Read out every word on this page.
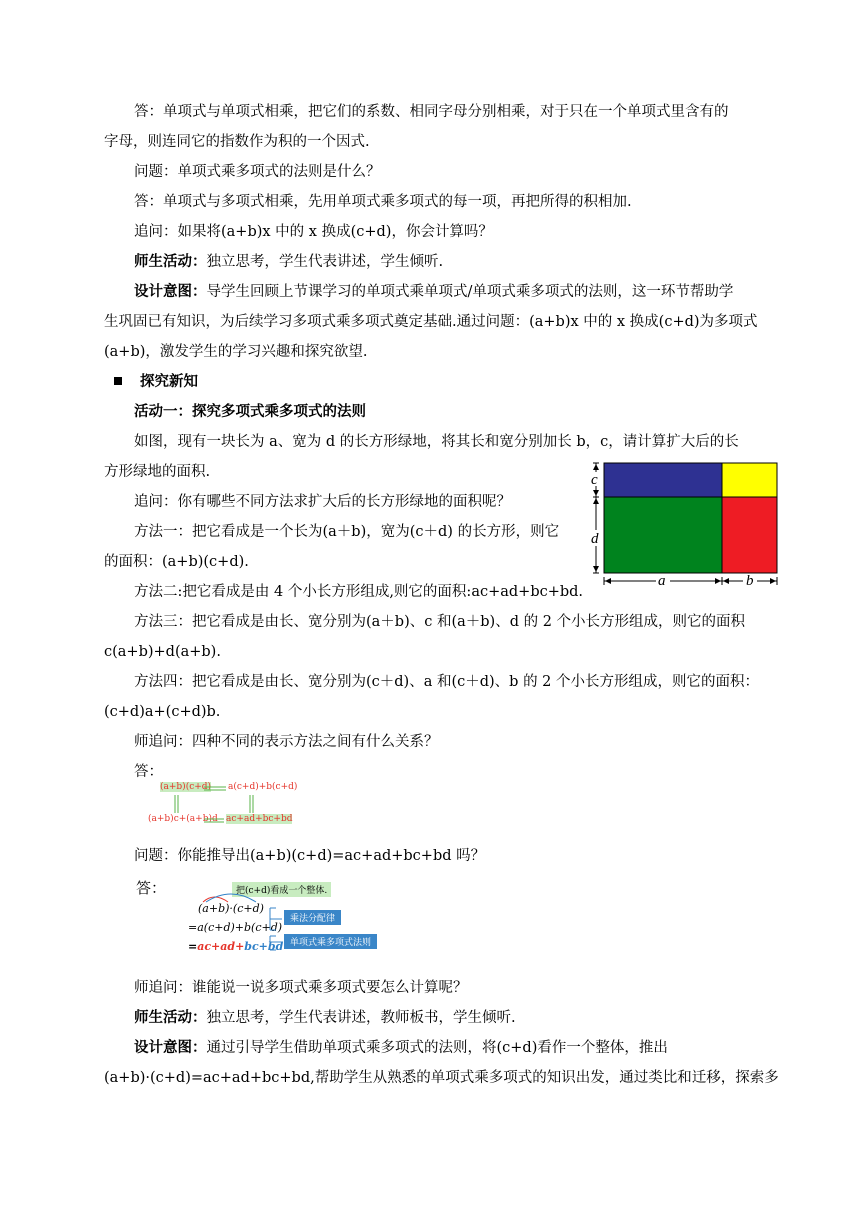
答：单项式与单项式相乘，把它们的系数、相同字母分别相乘，对于只在一个单项式里含有的
字母，则连同它的指数作为积的一个因式.
问题：单项式乘多项式的法则是什么？
答：单项式与多项式相乘，先用单项式乘多项式的每一项，再把所得的积相加.
追问：如果将(a+b)x 中的 x 换成(c+d)，你会计算吗？
师生活动：独立思考，学生代表讲述，学生倾听.
设计意图：导学生回顾上节课学习的单项式乘单项式/单项式乘多项式的法则，这一环节帮助学
生巩固已有知识，为后续学习多项式乘多项式奠定基础.通过问题：(a+b)x 中的 x 换成(c+d)为多项式
(a+b)，激发学生的学习兴趣和探究欲望.
探究新知
活动一：探究多项式乘多项式的法则
如图，现有一块长为 a、宽为 d 的长方形绿地，将其长和宽分别加长 b，c，请计算扩大后的长
方形绿地的面积.
追问：你有哪些不同方法求扩大后的长方形绿地的面积呢？
方法一：把它看成是一个长为(a＋b)，宽为(c＋d) 的长方形，则它
的面积：(a+b)(c+d).
方法二:把它看成是由 4 个小长方形组成,则它的面积:ac+ad+bc+bd.
方法三：把它看成是由长、宽分别为(a＋b)、c 和(a＋b)、d 的 2 个小长方形组成，则它的面积
c(a+b)+d(a+b).
方法四：把它看成是由长、宽分别为(c＋d)、a 和(c＋d)、b 的 2 个小长方形组成，则它的面积：
(c+d)a+(c+d)b.
师追问：四种不同的表示方法之间有什么关系？
答：
c
d
a	b
(a+b)(c+d) a(c+d)+b(c+d)
(a+b)c+(a+b)d ac+ad+bc+bd
问题：你能推导出(a+b)(c+d)=ac+ad+bc+bd 吗？
答：	把(c+d)看成一个整体.
(a+b)·(c+d)
=a(c+d)+b(c+d)
=ac+ad+bc+bd
乘法分配律
单项式乘多项式法则
师追问：谁能说一说多项式乘多项式要怎么计算呢？
师生活动：独立思考，学生代表讲述，教师板书，学生倾听.
设计意图：通过引导学生借助单项式乘多项式的法则，将(c+d)看作一个整体，推出
(a+b)·(c+d)=ac+ad+bc+bd,帮助学生从熟悉的单项式乘多项式的知识出发，通过类比和迁移，探索多
